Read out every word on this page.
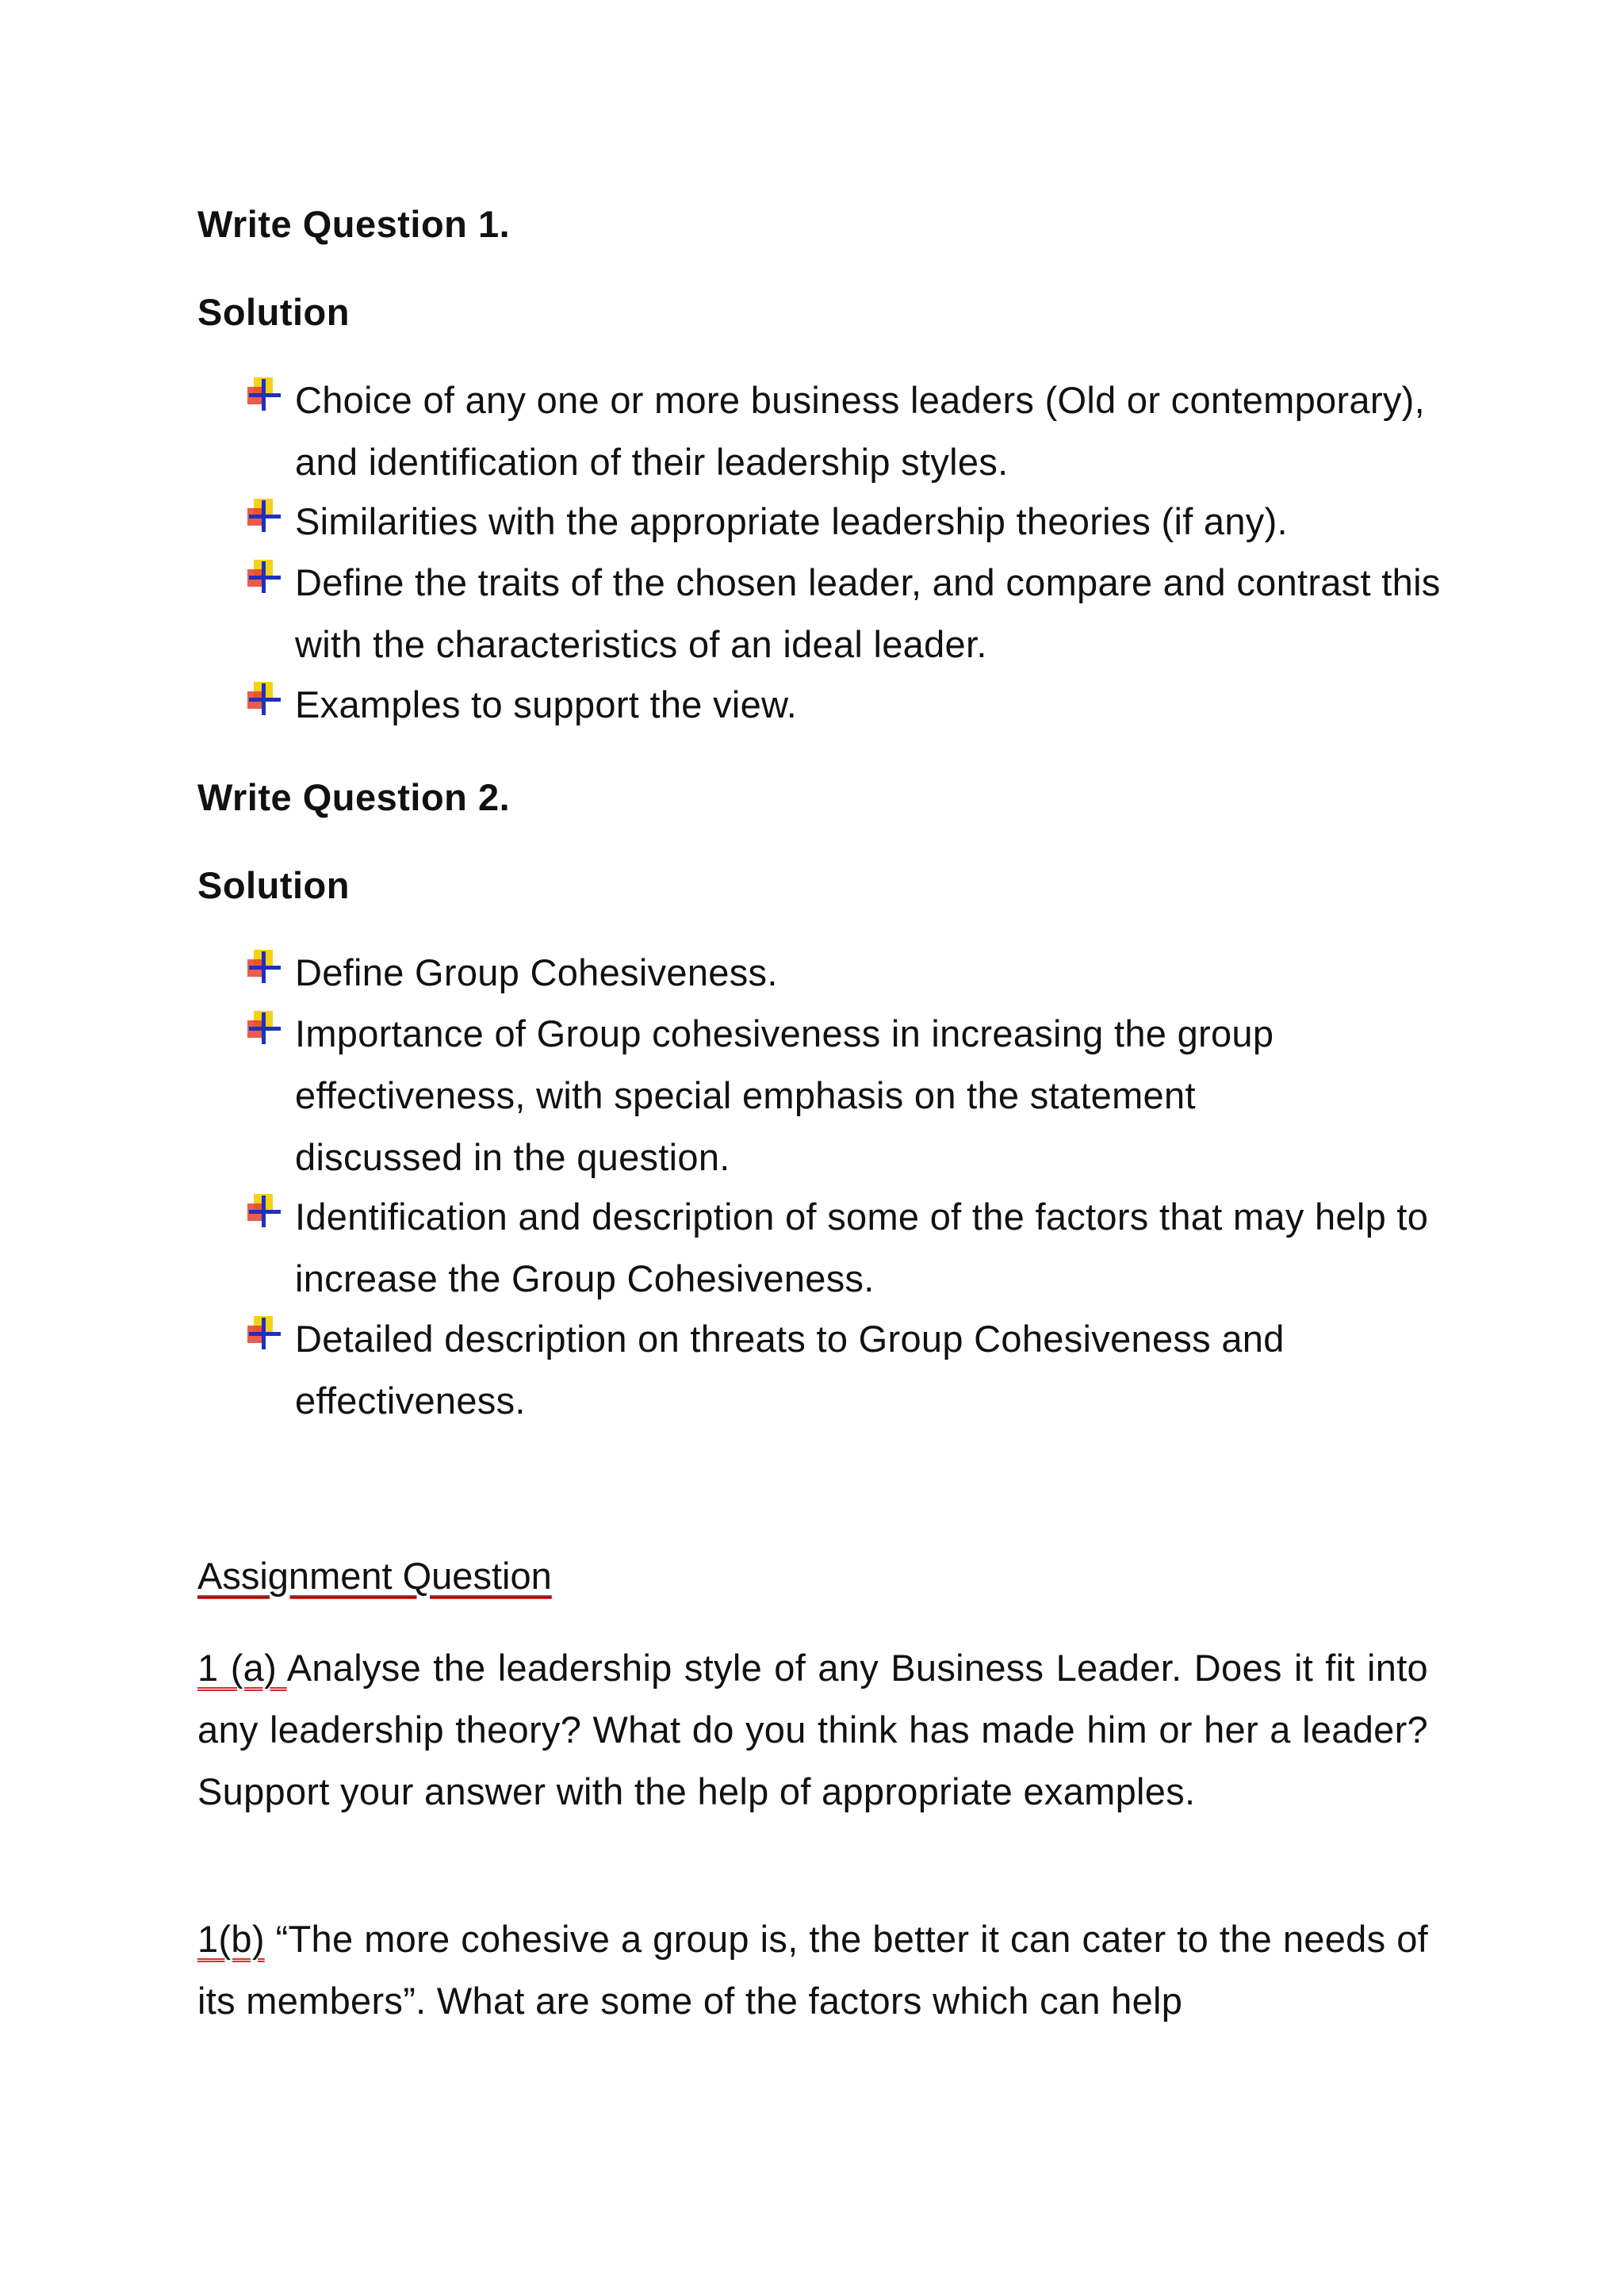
Write Question 1.
Solution
Choice of any one or more business leaders (Old or contemporary), and identification of their leadership styles.
Similarities with the appropriate leadership theories (if any).
Define the traits of the chosen leader, and compare and contrast this with the characteristics of an ideal leader.
Examples to support the view.
Write Question 2.
Solution
Define Group Cohesiveness.
Importance of Group cohesiveness in increasing the group effectiveness, with special emphasis on the statement discussed in the question.
Identification and description of some of the factors that may help to increase the Group Cohesiveness.
Detailed description on threats to Group Cohesiveness and effectiveness.
Assignment Question
1 (a) Analyse the leadership style of any Business Leader. Does it fit into any leadership theory? What do you think has made him or her a leader? Support your answer with the help of appropriate examples.
1(b) “The more cohesive a group is, the better it can cater to the needs of its members”. What are some of the factors which can help
